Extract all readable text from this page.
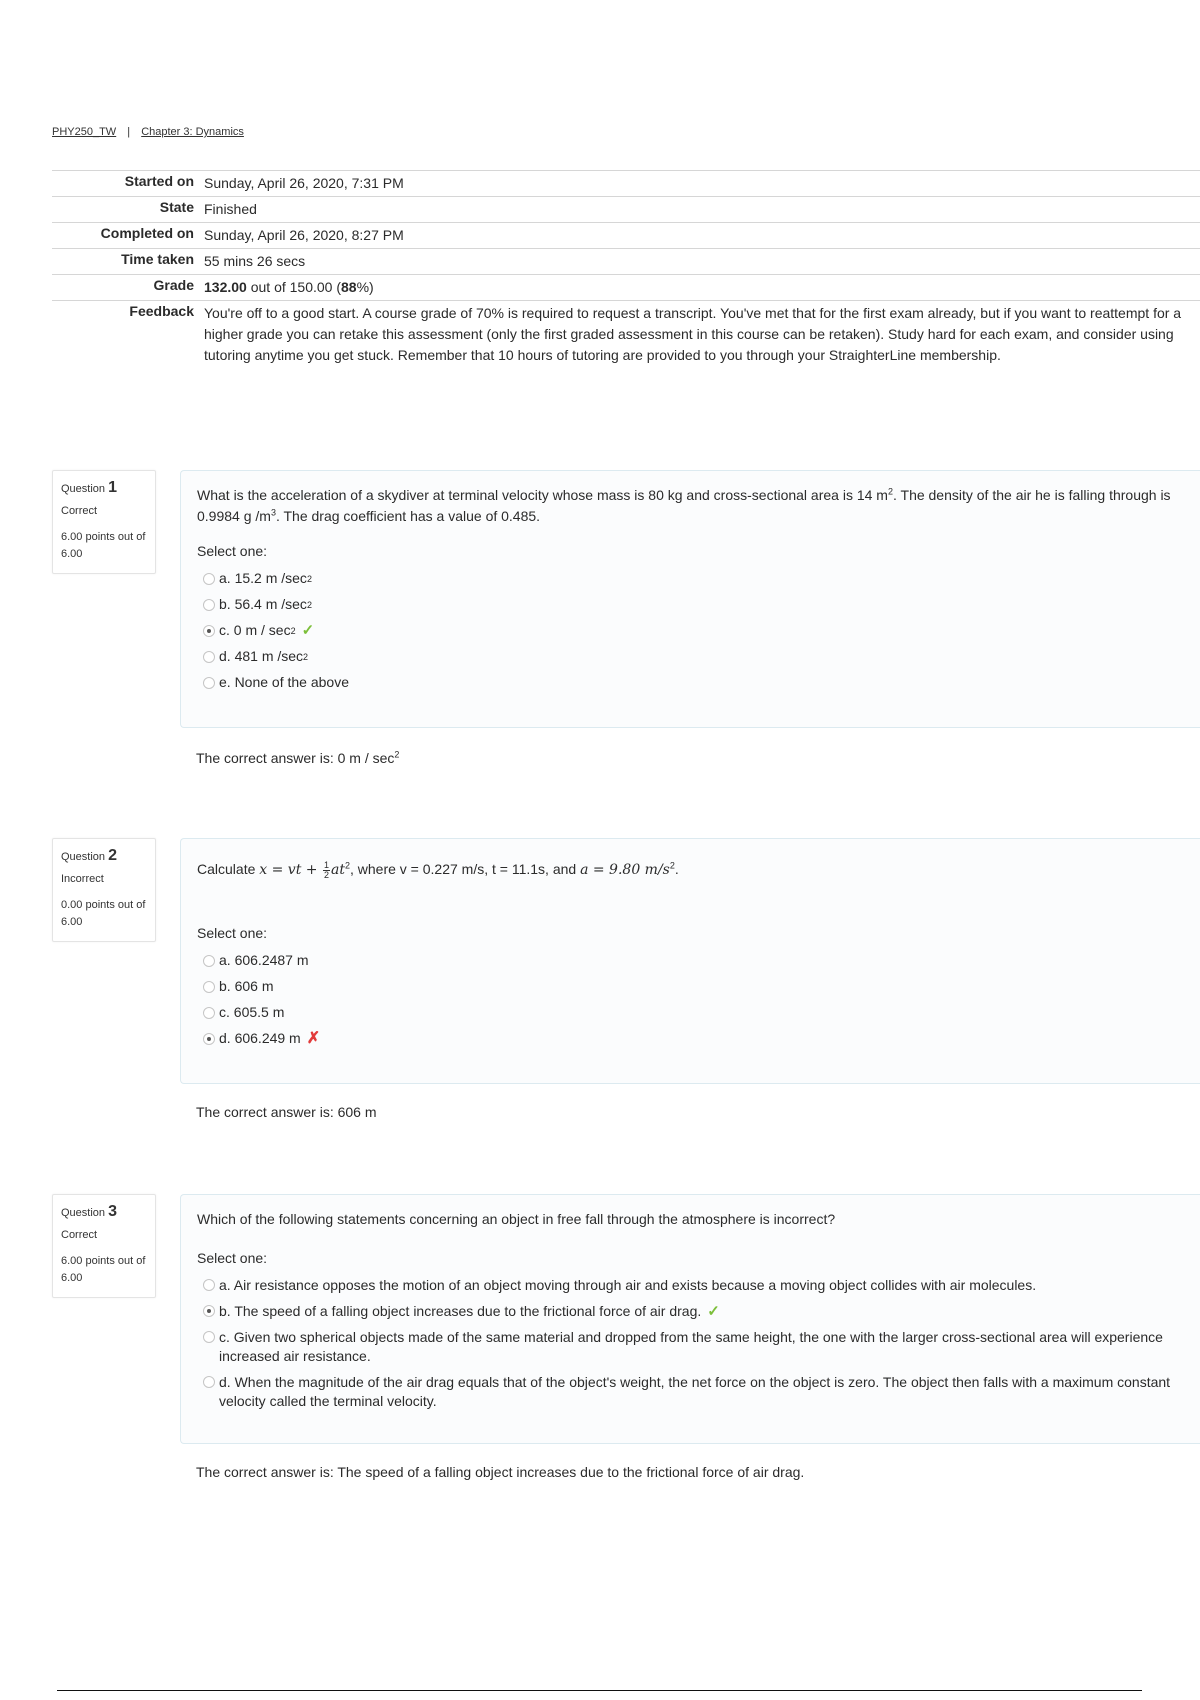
PHY250_TW | Chapter 3: Dynamics
Started on	Sunday, April 26, 2020, 7:31 PM
State	Finished
Completed on	Sunday, April 26, 2020, 8:27 PM
Time taken	55 mins 26 secs
Grade	132.00 out of 150.00 (88%)
Feedback	You're off to a good start. A course grade of 70% is required to request a transcript. You've met that for the first exam already, but if you want to reattempt for a higher grade you can retake this assessment (only the first graded assessment in this course can be retaken). Study hard for each exam, and consider using tutoring anytime you get stuck. Remember that 10 hours of tutoring are provided to you through your StraighterLine membership.
Question 1
Correct
6.00 points out of 6.00
What is the acceleration of a skydiver at terminal velocity whose mass is 80 kg and cross-sectional area is 14 $m^2$. The density of the air he is falling through is 0.9984 g $/m^3$. The drag coefficient has a value of 0.485.
Select one:
a. 15.2 m /sec 2
b. 56.4 m /sec 2
c. 0 m / sec 2 ✓
d. 481 m /sec 2
e. None of the above
The correct answer is: 0 m / $\sec^2$
Question 2
Incorrect
0.00 points out of 6.00
Calculate x = vt + $\frac{1}{2} at^2$, where v = 0.227 m/s, t = 11.1s, and a = 9.80 $m/s^2$.
Select one:
a. 606.2487 m
b. 606 m
c. 605.5 m
d. 606.249 m ✗
The correct answer is: 606 m
Question 3
Correct
6.00 points out of 6.00
Which of the following statements concerning an object in free fall through the atmosphere is incorrect?
Select one:
a. Air resistance opposes the motion of an object moving through air and exists because a moving object collides with air molecules.
b. The speed of a falling object increases due to the frictional force of air drag. ✓
c. Given two spherical objects made of the same material and dropped from the same height, the one with the larger cross-sectional area will experience increased air resistance.
d. When the magnitude of the air drag equals that of the object's weight, the net force on the object is zero. The object then falls with a maximum constant velocity called the terminal velocity.
The correct answer is: The speed of a falling object increases due to the frictional force of air drag.
